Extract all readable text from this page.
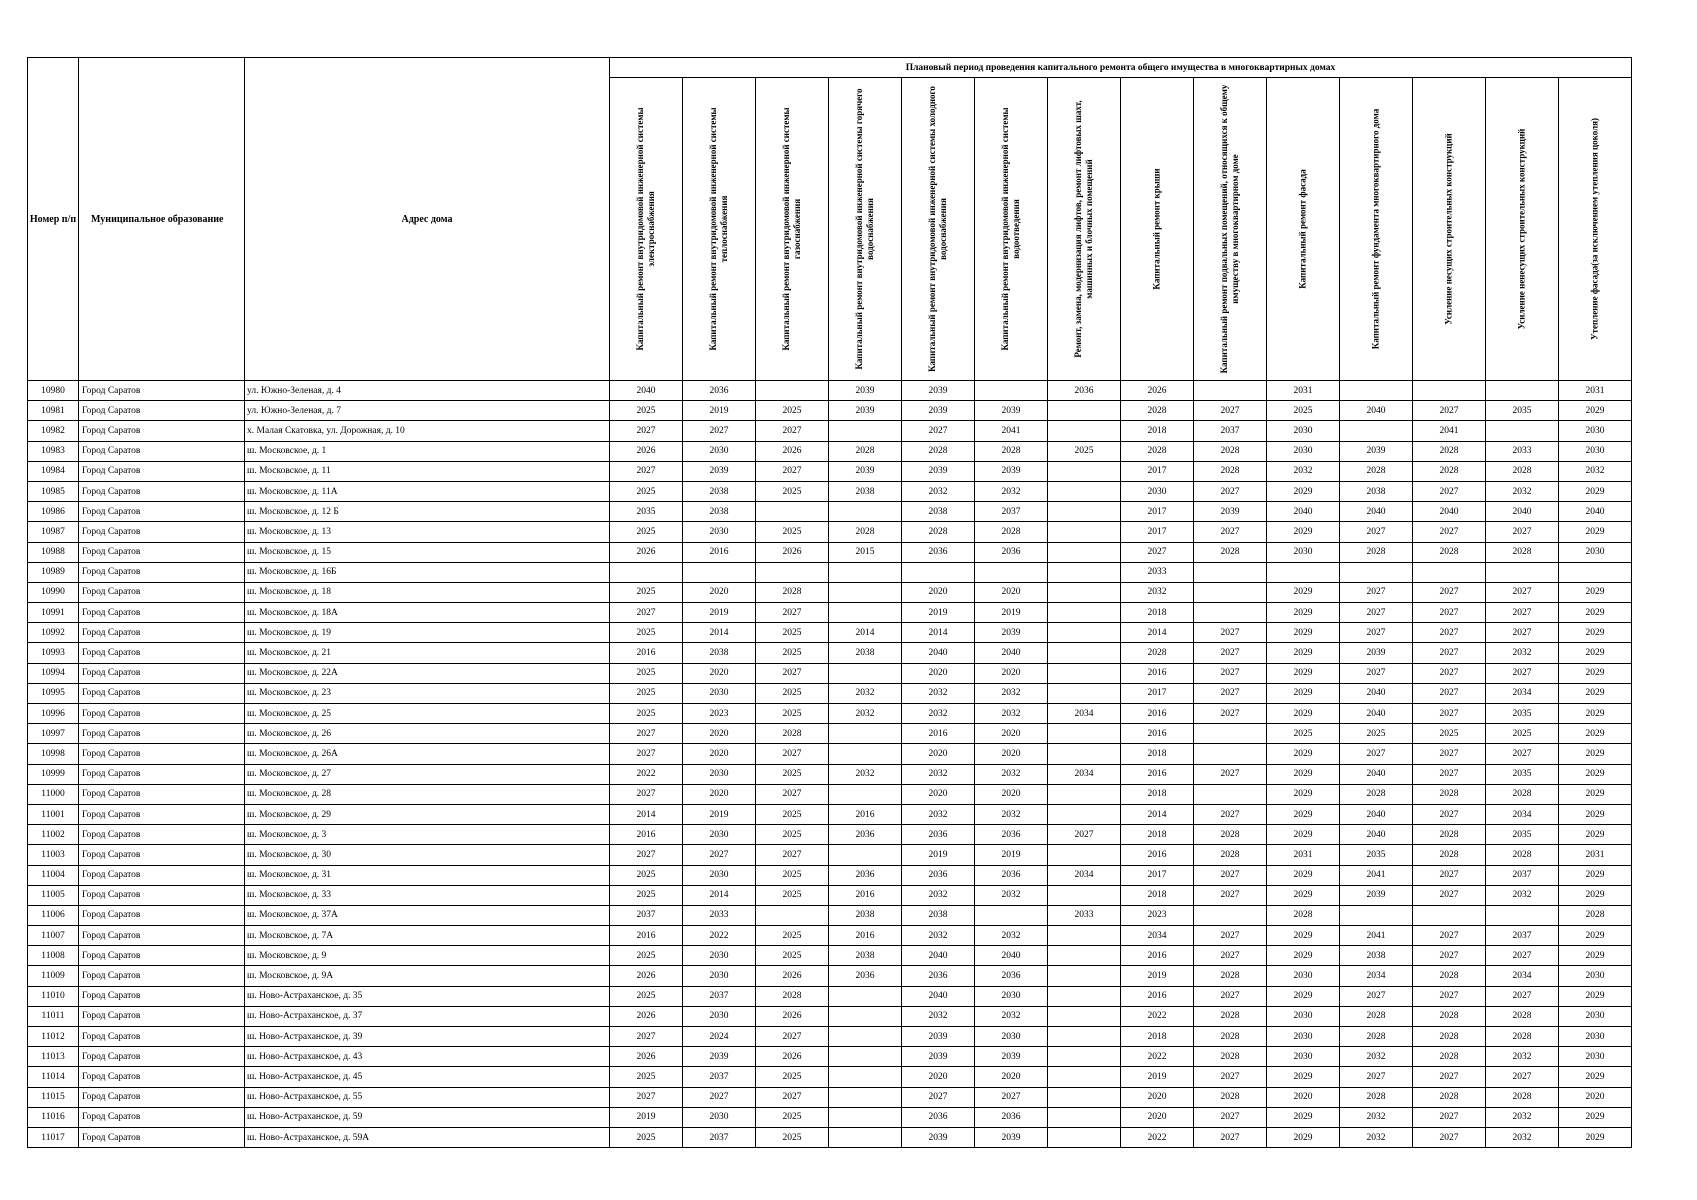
Номер п/п	Муниципальное образование	Адрес дома	Плановый период проведения капитального ремонта общего имущества в многоквартирных домах													

			Капитальный ремонт внутридомовой инженерной системы электроснабжения	Капитальный ремонт внутридомовой инженерной системы теплоснабжения	Капитальный ремонт внутридомовой инженерной системы газоснабжения	Капитальный ремонт внутридомовой инженерной системы горячего водоснабжения	Капитальный ремонт внутридомовой инженерной системы холодного водоснабжения	Капитальный ремонт внутридомовой инженерной системы водоотведения	Ремонт, замена, модернизация лифтов, ремонт лифтовых шахт, машинных и блочных помещений	Капитальный ремонт крыши	Капитальный ремонт подвальных помещений, относящихся к общему имуществу в многоквартирном доме	Капитальный ремонт фасада	Капитальный ремонт фундамента многоквартирного дома	Усиление несущих строительных конструкций	Усиление ненесущих строительных конструкций	Утепление фасада(за исключением утепления цоколя)

10980	Город Саратов	ул. Южно-Зеленая, д. 4	2040	2036		2039	2039		2036	2026		2031				2031
10981	Город Саратов	ул. Южно-Зеленая, д. 7	2025	2019	2025	2039	2039	2039		2028	2027	2025	2040	2027	2035	2029
10982	Город Саратов	х. Малая Скатовка, ул. Дорожная, д. 10	2027	2027	2027		2027	2041		2018	2037	2030		2041		2030
10983	Город Саратов	ш. Московское, д. 1	2026	2030	2026	2028	2028	2028	2025	2028	2028	2030	2039	2028	2033	2030
10984	Город Саратов	ш. Московское, д. 11	2027	2039	2027	2039	2039	2039		2017	2028	2032	2028	2028	2028	2032
10985	Город Саратов	ш. Московское, д. 11А	2025	2038	2025	2038	2032	2032		2030	2027	2029	2038	2027	2032	2029
10986	Город Саратов	ш. Московское, д. 12 Б	2035	2038			2038	2037		2017	2039	2040	2040	2040	2040	2040
10987	Город Саратов	ш. Московское, д. 13	2025	2030	2025	2028	2028	2028		2017	2027	2029	2027	2027	2027	2029
10988	Город Саратов	ш. Московское, д. 15	2026	2016	2026	2015	2036	2036		2027	2028	2030	2028	2028	2028	2030
10989	Город Саратов	ш. Московское, д. 16Б								2033						
10990	Город Саратов	ш. Московское, д. 18	2025	2020	2028		2020	2020		2032		2029	2027	2027	2027	2029
10991	Город Саратов	ш. Московское, д. 18А	2027	2019	2027		2019	2019		2018		2029	2027	2027	2027	2029
10992	Город Саратов	ш. Московское, д. 19	2025	2014	2025	2014	2014	2039		2014	2027	2029	2027	2027	2027	2029
10993	Город Саратов	ш. Московское, д. 21	2016	2038	2025	2038	2040	2040		2028	2027	2029	2039	2027	2032	2029
10994	Город Саратов	ш. Московское, д. 22А	2025	2020	2027		2020	2020		2016	2027	2029	2027	2027	2027	2029
10995	Город Саратов	ш. Московское, д. 23	2025	2030	2025	2032	2032	2032		2017	2027	2029	2040	2027	2034	2029
10996	Город Саратов	ш. Московское, д. 25	2025	2023	2025	2032	2032	2032	2034	2016	2027	2029	2040	2027	2035	2029
10997	Город Саратов	ш. Московское, д. 26	2027	2020	2028		2016	2020		2016		2025	2025	2025	2025	2029
10998	Город Саратов	ш. Московское, д. 26А	2027	2020	2027		2020	2020		2018		2029	2027	2027	2027	2029
10999	Город Саратов	ш. Московское, д. 27	2022	2030	2025	2032	2032	2032	2034	2016	2027	2029	2040	2027	2035	2029
11000	Город Саратов	ш. Московское, д. 28	2027	2020	2027		2020	2020		2018		2029	2028	2028	2028	2029
11001	Город Саратов	ш. Московское, д. 29	2014	2019	2025	2016	2032	2032		2014	2027	2029	2040	2027	2034	2029
11002	Город Саратов	ш. Московское, д. 3	2016	2030	2025	2036	2036	2036	2027	2018	2028	2029	2040	2028	2035	2029
11003	Город Саратов	ш. Московское, д. 30	2027	2027	2027		2019	2019		2016	2028	2031	2035	2028	2028	2031
11004	Город Саратов	ш. Московское, д. 31	2025	2030	2025	2036	2036	2036	2034	2017	2027	2029	2041	2027	2037	2029
11005	Город Саратов	ш. Московское, д. 33	2025	2014	2025	2016	2032	2032		2018	2027	2029	2039	2027	2032	2029
11006	Город Саратов	ш. Московское, д. 37А	2037	2033		2038	2038		2033	2023		2028				2028
11007	Город Саратов	ш. Московское, д. 7А	2016	2022	2025	2016	2032	2032		2034	2027	2029	2041	2027	2037	2029
11008	Город Саратов	ш. Московское, д. 9	2025	2030	2025	2038	2040	2040		2016	2027	2029	2038	2027	2027	2029
11009	Город Саратов	ш. Московское, д. 9А	2026	2030	2026	2036	2036	2036		2019	2028	2030	2034	2028	2034	2030
11010	Город Саратов	ш. Ново-Астраханское, д. 35	2025	2037	2028		2040	2030		2016	2027	2029	2027	2027	2027	2029
11011	Город Саратов	ш. Ново-Астраханское, д. 37	2026	2030	2026		2032	2032		2022	2028	2030	2028	2028	2028	2030
11012	Город Саратов	ш. Ново-Астраханское, д. 39	2027	2024	2027		2039	2030		2018	2028	2030	2028	2028	2028	2030
11013	Город Саратов	ш. Ново-Астраханское, д. 43	2026	2039	2026		2039	2039		2022	2028	2030	2032	2028	2032	2030
11014	Город Саратов	ш. Ново-Астраханское, д. 45	2025	2037	2025		2020	2020		2019	2027	2029	2027	2027	2027	2029
11015	Город Саратов	ш. Ново-Астраханское, д. 55	2027	2027	2027		2027	2027		2020	2028	2020	2028	2028	2028	2020
11016	Город Саратов	ш. Ново-Астраханское, д. 59	2019	2030	2025		2036	2036		2020	2027	2029	2032	2027	2032	2029
11017	Город Саратов	ш. Ново-Астраханское, д. 59А	2025	2037	2025		2039	2039		2022	2027	2029	2032	2027	2032	2029
